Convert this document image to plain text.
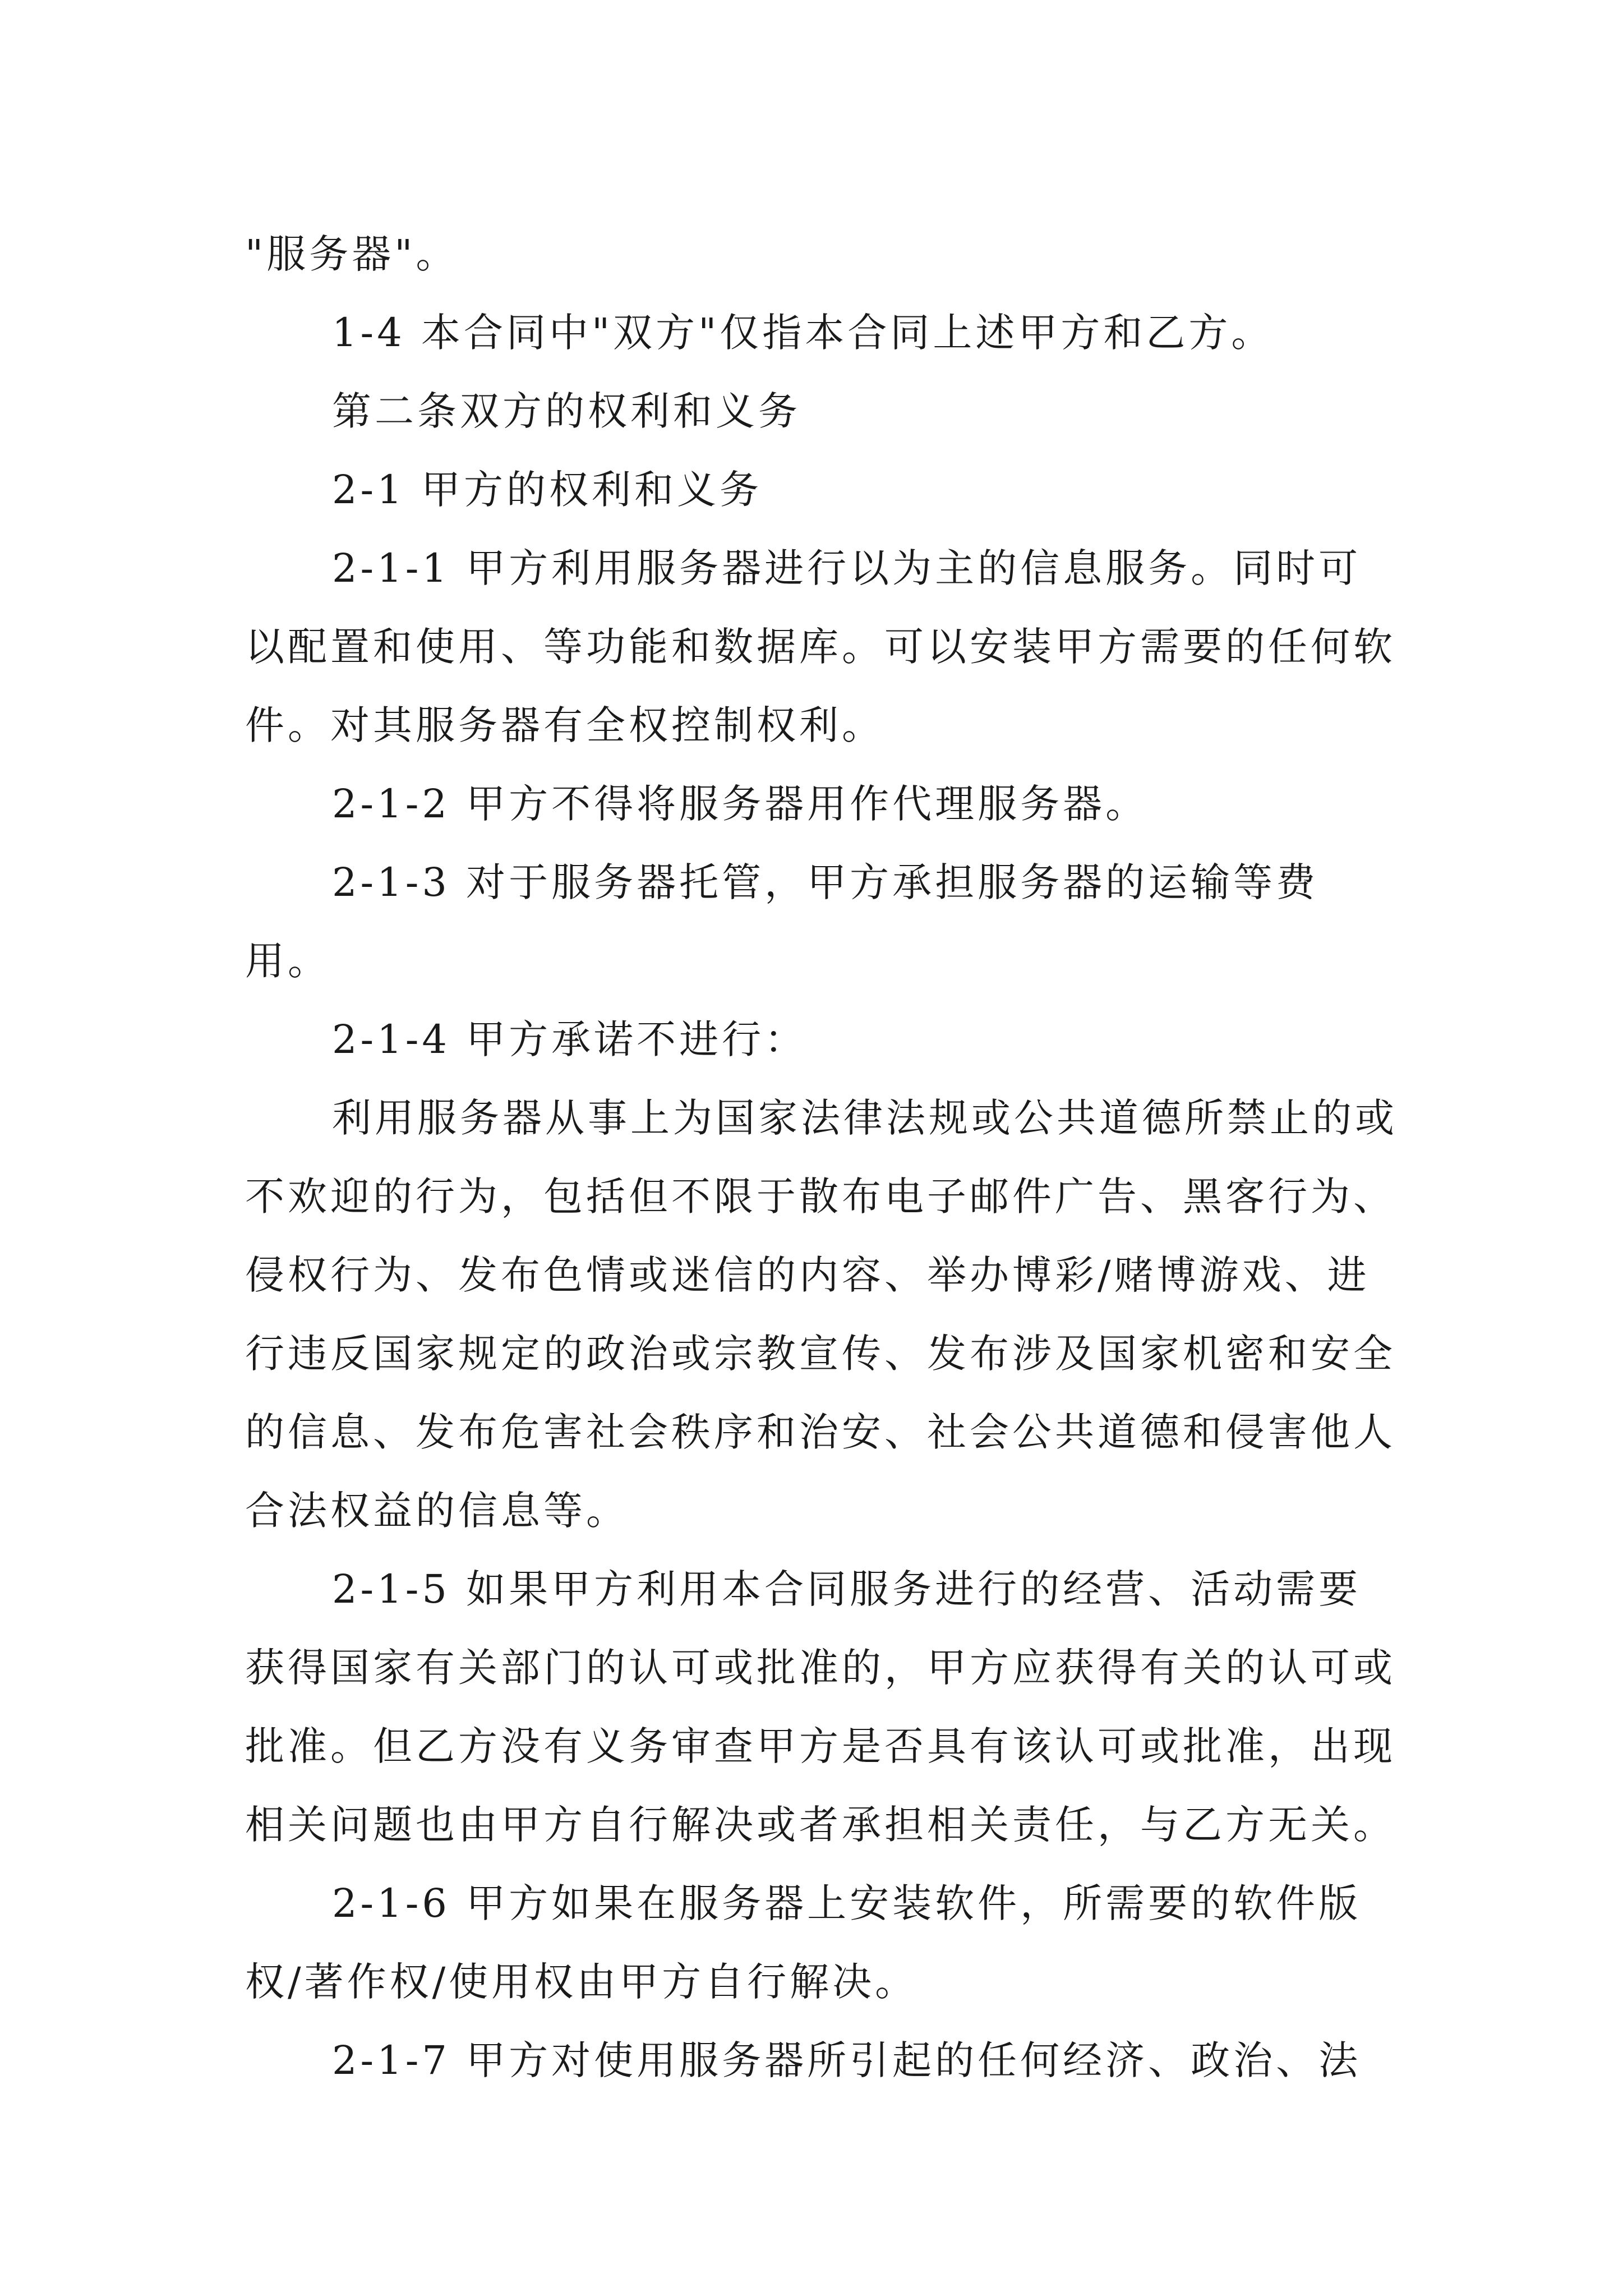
"服务器"。

1-4 本合同中"双方"仅指本合同上述甲方和乙方。

第二条双方的权利和义务

2-1 甲方的权利和义务

2-1-1 甲方利用服务器进行以为主的信息服务。同时可以配置和使用、等功能和数据库。可以安装甲方需要的任何软件。对其服务器有全权控制权利。

2-1-2 甲方不得将服务器用作代理服务器。

2-1-3 对于服务器托管，甲方承担服务器的运输等费用。

2-1-4 甲方承诺不进行：

利用服务器从事上为国家法律法规或公共道德所禁止的或不欢迎的行为，包括但不限于散布电子邮件广告、黑客行为、侵权行为、发布色情或迷信的内容、举办博彩/赌博游戏、进行违反国家规定的政治或宗教宣传、发布涉及国家机密和安全的信息、发布危害社会秩序和治安、社会公共道德和侵害他人合法权益的信息等。

2-1-5 如果甲方利用本合同服务进行的经营、活动需要获得国家有关部门的认可或批准的，甲方应获得有关的认可或批准。但乙方没有义务审查甲方是否具有该认可或批准，出现相关问题也由甲方自行解决或者承担相关责任，与乙方无关。

2-1-6 甲方如果在服务器上安装软件，所需要的软件版权/著作权/使用权由甲方自行解决。

2-1-7 甲方对使用服务器所引起的任何经济、政治、法
